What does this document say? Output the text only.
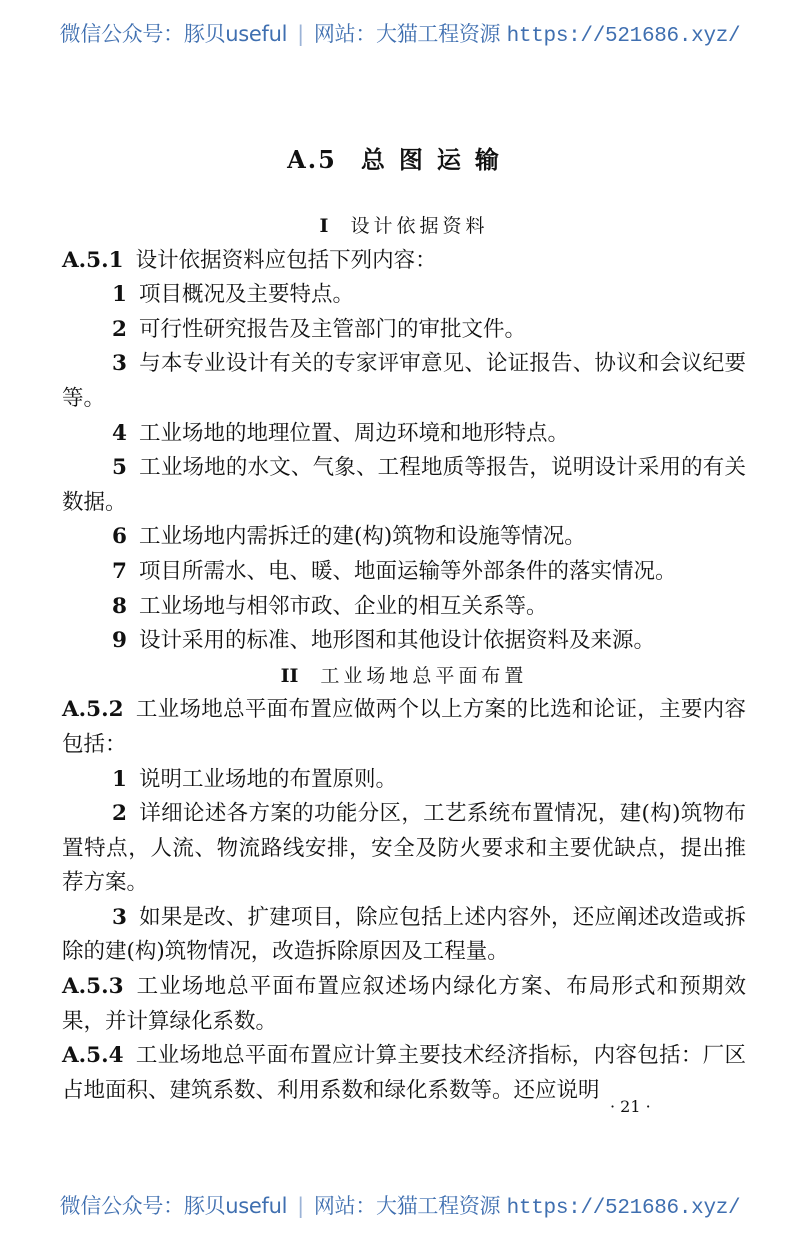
微信公众号：豚贝useful | 网站：大猫工程资源 https://521686.xyz/
A.5 总图运输

I 设计依据资料

A.5.1 设计依据资料应包括下列内容：

1 项目概况及主要特点。

2 可行性研究报告及主管部门的审批文件。

3 与本专业设计有关的专家评审意见、论证报告、协议和会议纪要等。

4 工业场地的地理位置、周边环境和地形特点。

5 工业场地的水文、气象、工程地质等报告，说明设计采用的有关数据。

6 工业场地内需拆迁的建(构)筑物和设施等情况。

7 项目所需水、电、暖、地面运输等外部条件的落实情况。

8 工业场地与相邻市政、企业的相互关系等。

9 设计采用的标准、地形图和其他设计依据资料及来源。

II 工业场地总平面布置

A.5.2 工业场地总平面布置应做两个以上方案的比选和论证，主要内容包括：

1 说明工业场地的布置原则。

2 详细论述各方案的功能分区，工艺系统布置情况，建(构)筑物布置特点，人流、物流路线安排，安全及防火要求和主要优缺点，提出推荐方案。

3 如果是改、扩建项目，除应包括上述内容外，还应阐述改造或拆除的建(构)筑物情况，改造拆除原因及工程量。

A.5.3 工业场地总平面布置应叙述场内绿化方案、布局形式和预期效果，并计算绿化系数。

A.5.4 工业场地总平面布置应计算主要技术经济指标，内容包括：厂区占地面积、建筑系数、利用系数和绿化系数等。还应说明

· 21 ·
微信公众号：豚贝useful | 网站：大猫工程资源 https://521686.xyz/
